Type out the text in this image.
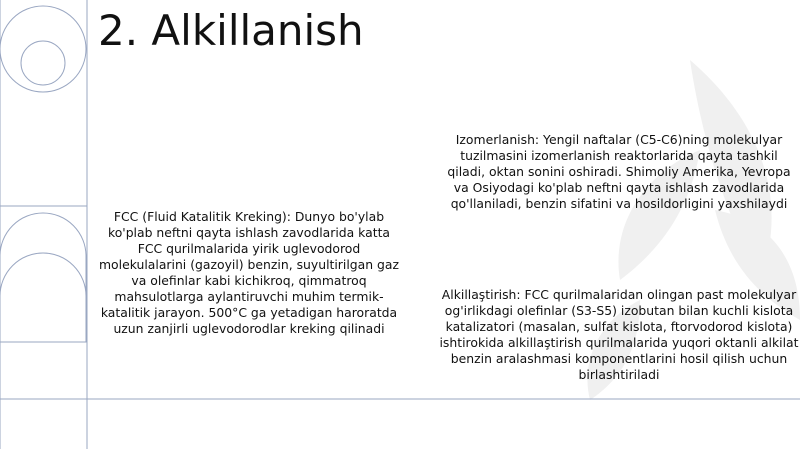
2. Alkillanish

FCC (Fluid Katalitik Kreking): Dunyo bo'ylab ko'plab neftni qayta ishlash zavodlarida katta FCC qurilmalarida yirik uglevodorod molekulalarini (gazoyil) benzin, suyultirilgan gaz va olefinlar kabi kichikroq, qimmatroq mahsulotlarga aylantiruvchi muhim termik-katalitik jarayon. 500°C ga yetadigan haroratda uzun zanjirli uglevodorodlar kreking qilinadi

Izomerlanish: Yengil naftalar (C5-C6)ning molekulyar tuzilmasini izomerlanish reaktorlarida qayta tashkil qiladi, oktan sonini oshiradi. Shimoliy Amerika, Yevropa va Osiyodagi ko'plab neftni qayta ishlash zavodlarida qo'llaniladi, benzin sifatini va hosildorligini yaxshilaydi

Alkillaştirish: FCC qurilmalaridan olingan past molekulyar og'irlikdagi olefinlar (S3-S5) izobutan bilan kuchli kislota katalizatori (masalan, sulfat kislota, ftorvodorod kislota) ishtirokida alkillaştirish qurilmalarida yuqori oktanli alkilat benzin aralashmasi komponentlarini hosil qilish uchun birlashtiriladi
